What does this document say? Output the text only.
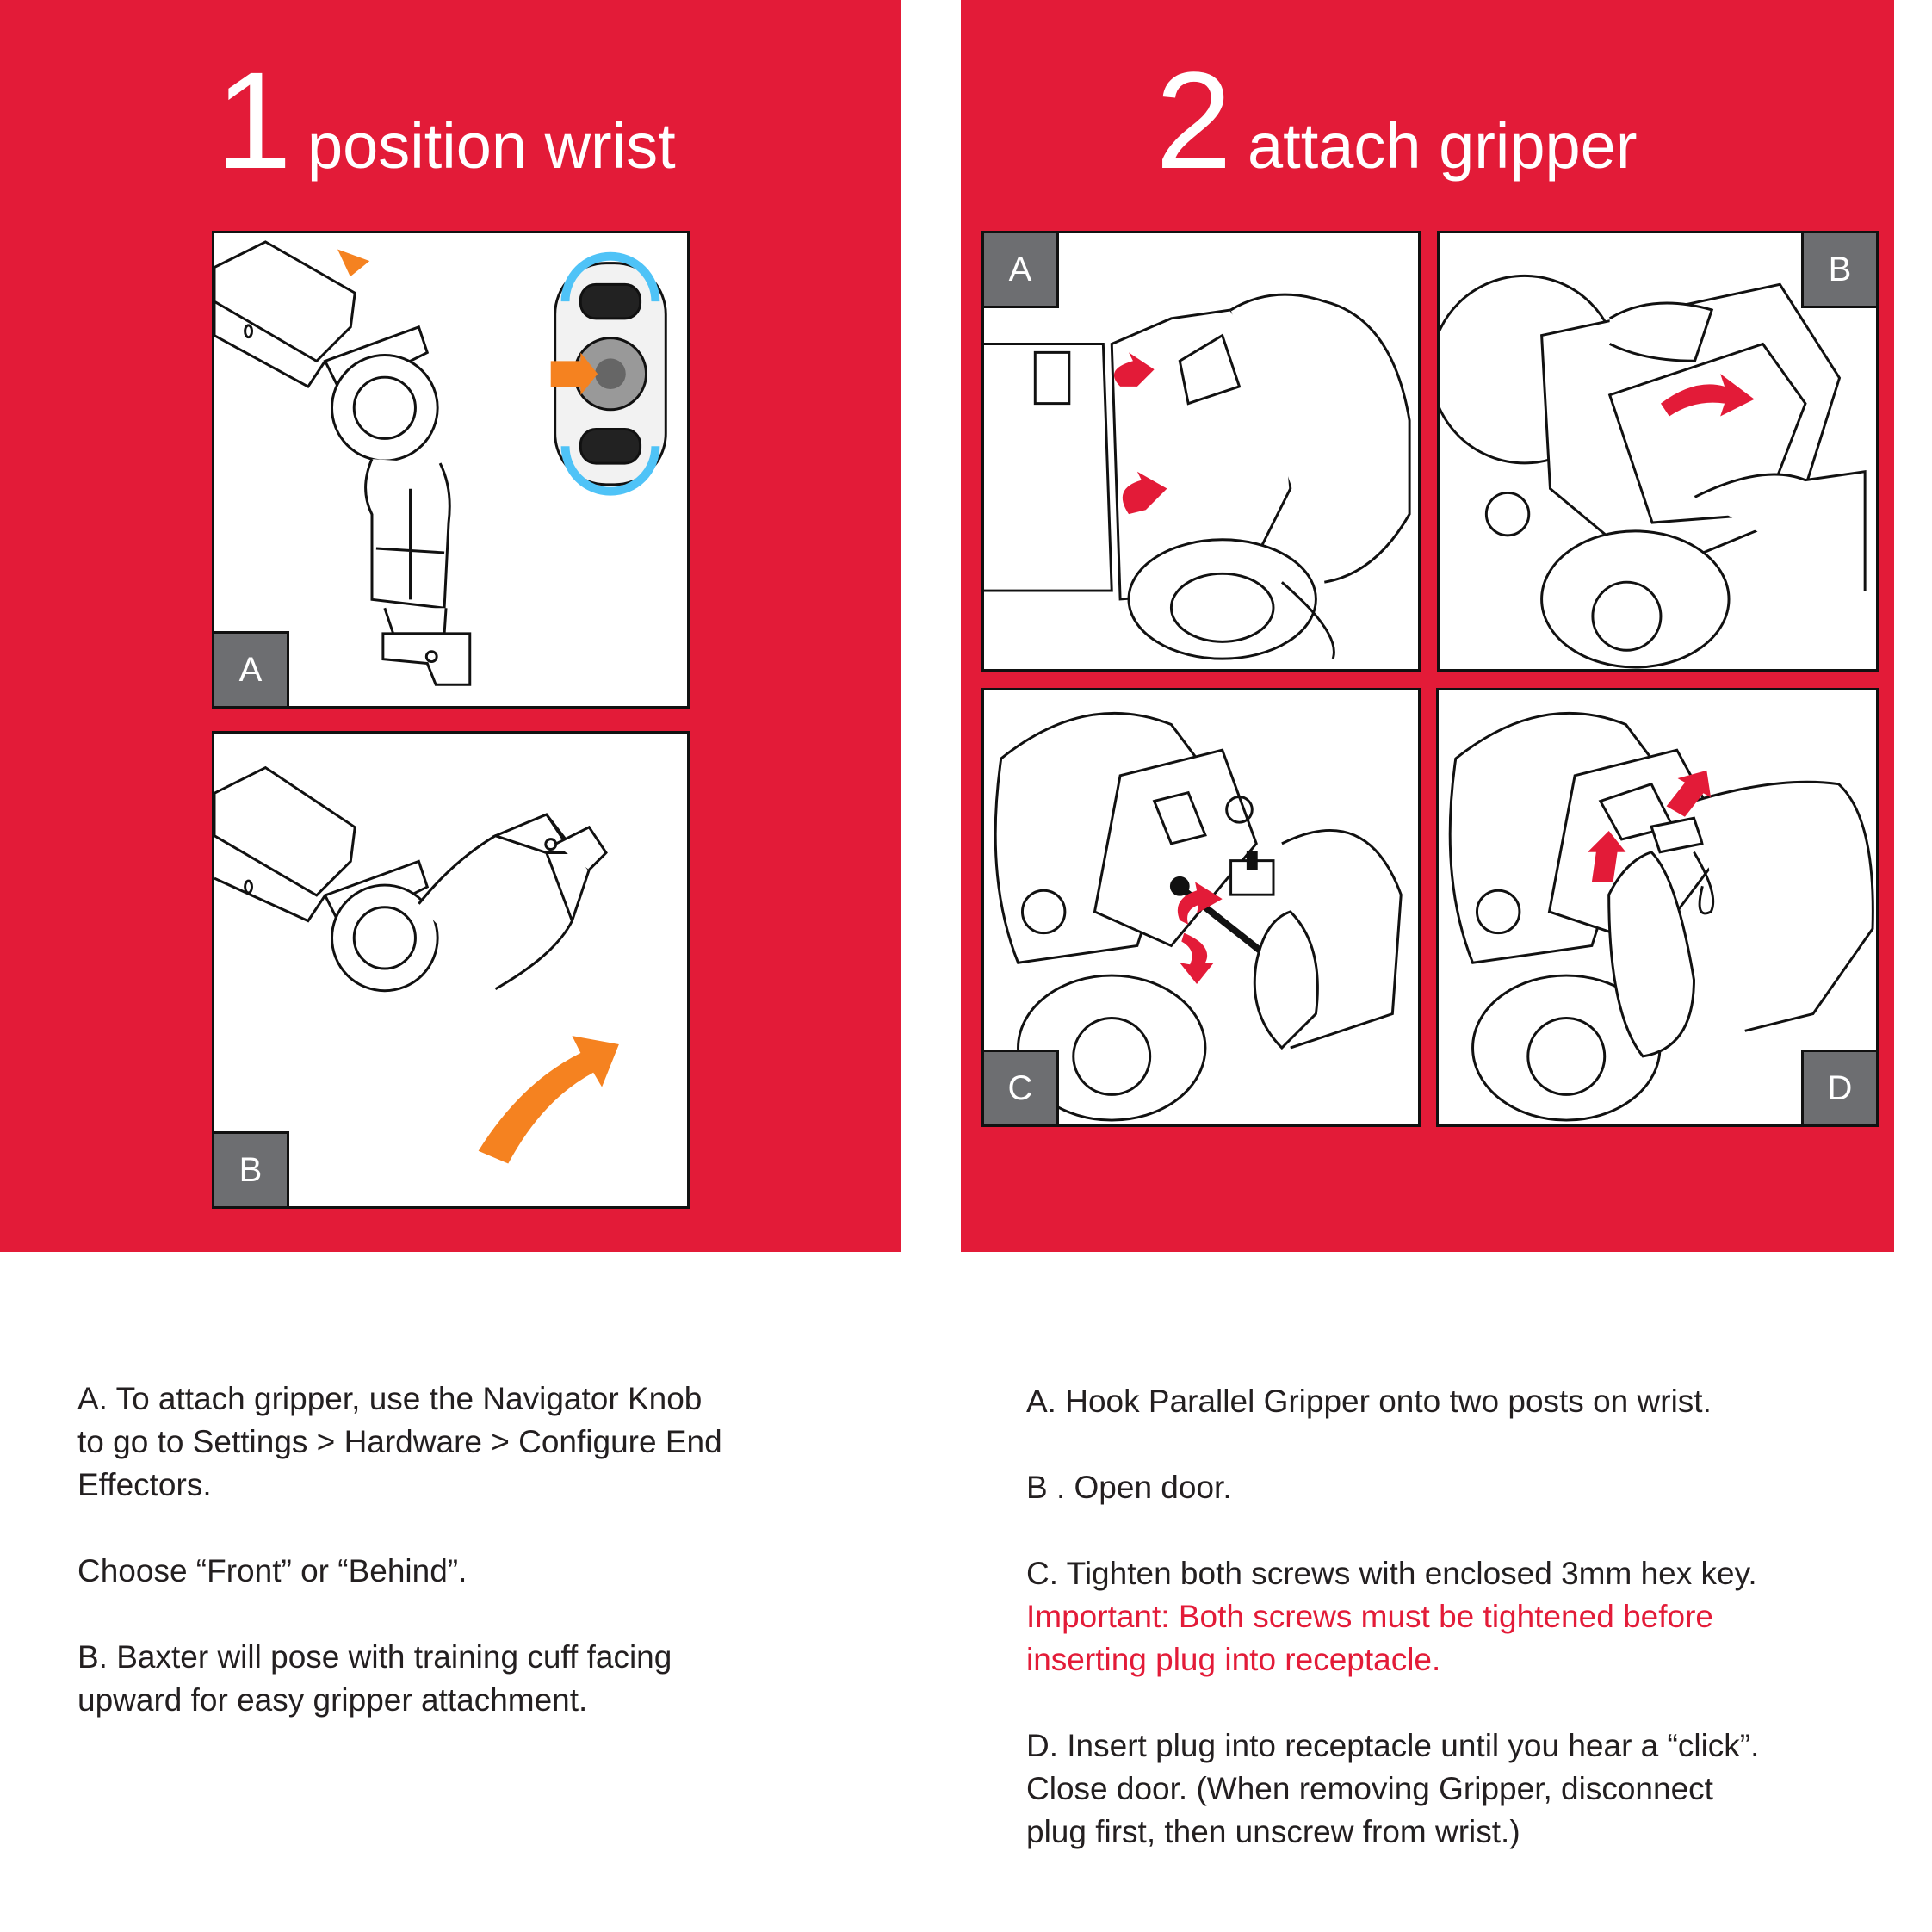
1 position wrist
A
B
2 attach gripper
A	B
C	D

A. To attach gripper, use the Navigator Knob
to go to Settings > Hardware > Configure End
Effectors.

Choose “Front” or “Behind”.

B. Baxter will pose with training cuff facing
upward for easy gripper attachment.

A. Hook Parallel Gripper onto two posts on wrist.

B . Open door.

C. Tighten both screws with enclosed 3mm hex key.
Important: Both screws must be tightened before
inserting plug into receptacle.

D. Insert plug into receptacle until you hear a “click”.
Close door. (When removing Gripper, disconnect
plug first, then unscrew from wrist.)
